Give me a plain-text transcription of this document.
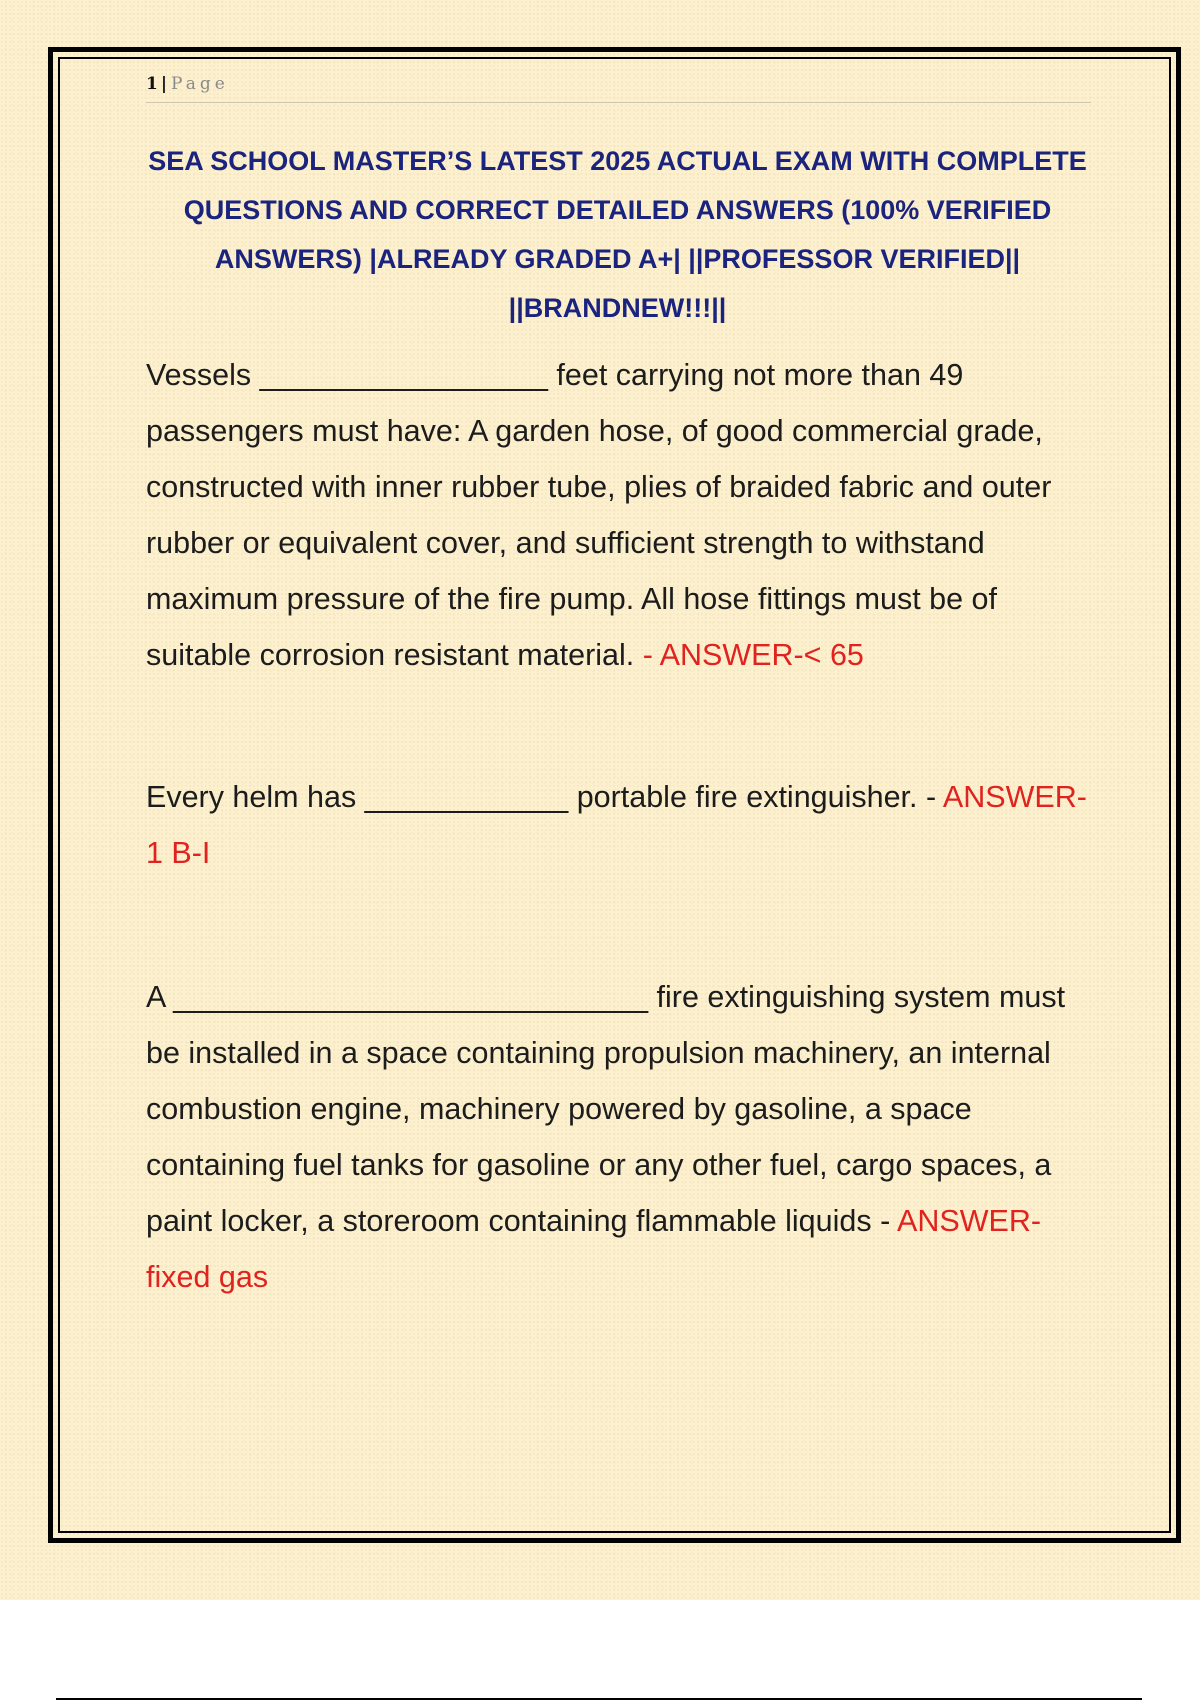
1 | Page
SEA SCHOOL MASTER’S LATEST 2025 ACTUAL EXAM WITH COMPLETE QUESTIONS AND CORRECT DETAILED ANSWERS (100% VERIFIED ANSWERS) |ALREADY GRADED A+| ||PROFESSOR VERIFIED|| ||BRANDNEW!!!||
Vessels _________________ feet carrying not more than 49 passengers must have: A garden hose, of good commercial grade, constructed with inner rubber tube, plies of braided fabric and outer rubber or equivalent cover, and sufficient strength to withstand maximum pressure of the fire pump. All hose fittings must be of suitable corrosion resistant material. - ANSWER-< 65
Every helm has ____________ portable fire extinguisher. - ANSWER-1 B-I
A ____________________________ fire extinguishing system must be installed in a space containing propulsion machinery, an internal combustion engine, machinery powered by gasoline, a space containing fuel tanks for gasoline or any other fuel, cargo spaces, a paint locker, a storeroom containing flammable liquids - ANSWER-fixed gas
